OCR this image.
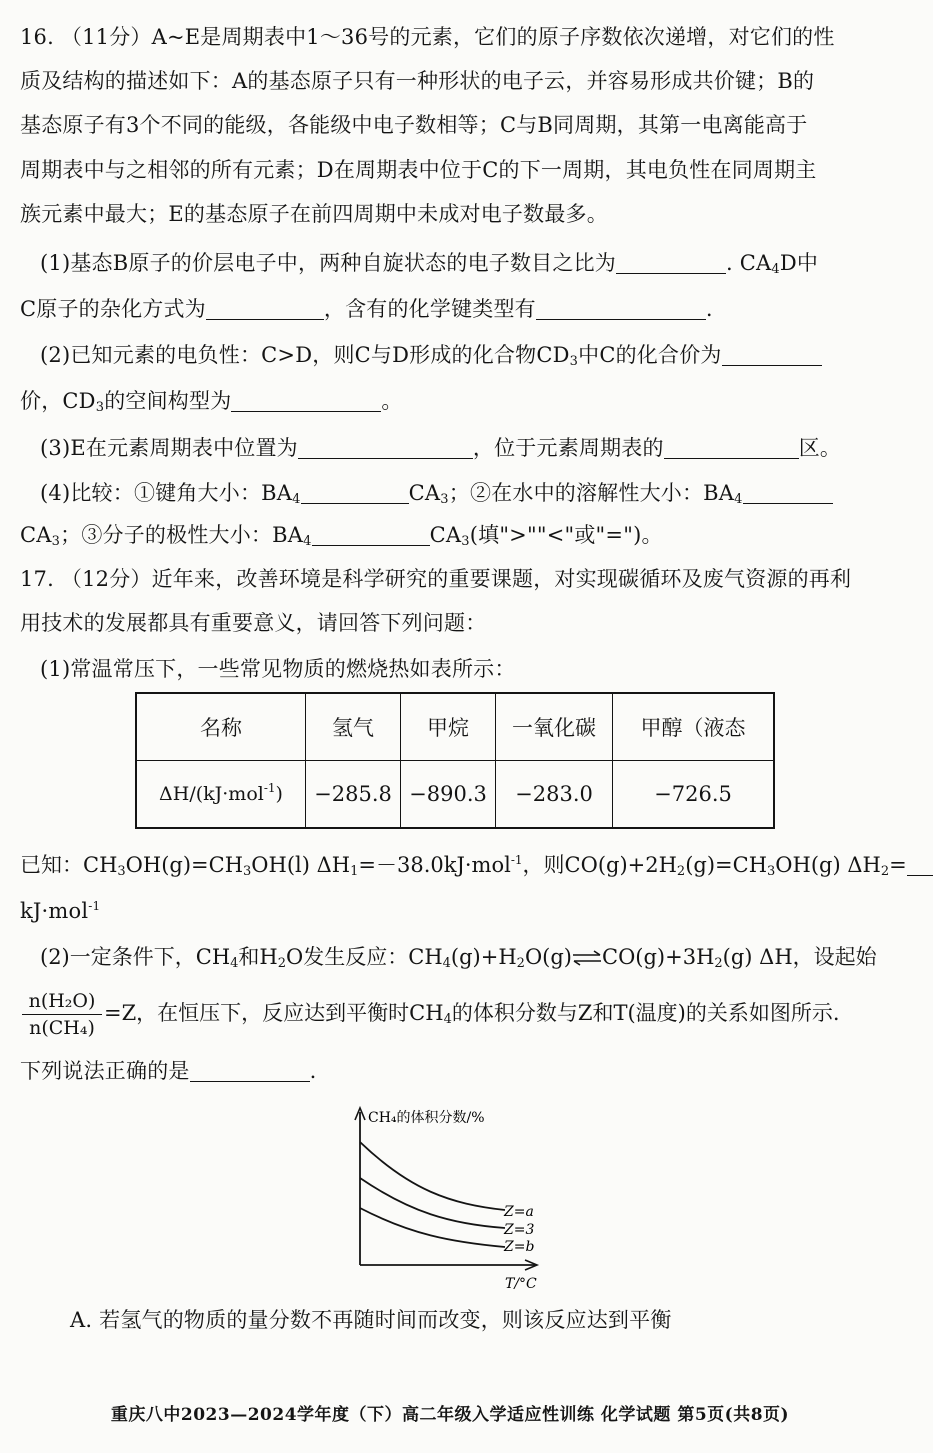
16. （11分）A~E是周期表中1～36号的元素，它们的原子序数依次递增，对它们的性
质及结构的描述如下：A的基态原子只有一种形状的电子云，并容易形成共价键；B的
基态原子有3个不同的能级，各能级中电子数相等；C与B同周期，其第一电离能高于
周期表中与之相邻的所有元素；D在周期表中位于C的下一周期，其电负性在同周期主
族元素中最大；E的基态原子在前四周期中未成对电子数最多。
(1)基态B原子的价层电子中，两种自旋状态的电子数目之比为	. $CA_4D$中
C原子的杂化方式为	，含有的化学键类型有	.
(2)已知元素的电负性：C>D，则C与D形成的化合物$CD_3$中C的化合价为
价，$CD_3$的空间构型为	。
(3)E在元素周期表中位置为	，位于元素周期表的	区。
(4)比较：①键角大小：$BA_4$	$CA_3$；②在水中的溶解性大小：$BA_4$
$CA_3$；③分子的极性大小：$BA_4$	$CA_3$(填">""<"或"=")。
17. （12分）近年来，改善环境是科学研究的重要课题，对实现碳循环及废气资源的再利
用技术的发展都具有重要意义，请回答下列问题：
(1)常温常压下，一些常见物质的燃烧热如表所示：
名称	氢气	甲烷	一氧化碳	甲醇（液态
ΔH/(kJ·mol$^{-1}$)	−285.8	−890.3	−283.0	−726.5
已知：$CH_3OH(g)=CH_3OH(l)$ $\Delta H_1=-38.0kJ\cdot mol^{-1}$，则$CO(g)+2H_2(g)=CH_3OH(g)$ $\Delta H_2=$
kJ·mol$^{-1}$
(2)一定条件下，$CH_4$和$H_2O$发生反应：$CH_4(g)+H_2O(g)\rightleftharpoons CO(g)+3H_2(g)$ ΔH，设起始
$\frac{\text{n(H₂O)}}{\text{n(CH₄)}} =Z$，在恒压下，反应达到平衡时$CH_4$的体积分数与Z和T(温度)的关系如图所示.
下列说法正确的是	.
CH₄的体积分数/%
Z=a
Z=3
Z=b
T/°C
A. 若氢气的物质的量分数不再随时间而改变，则该反应达到平衡
重庆八中2023—2024学年度（下）高二年级入学适应性训练 化学试题 第5页(共8页)
